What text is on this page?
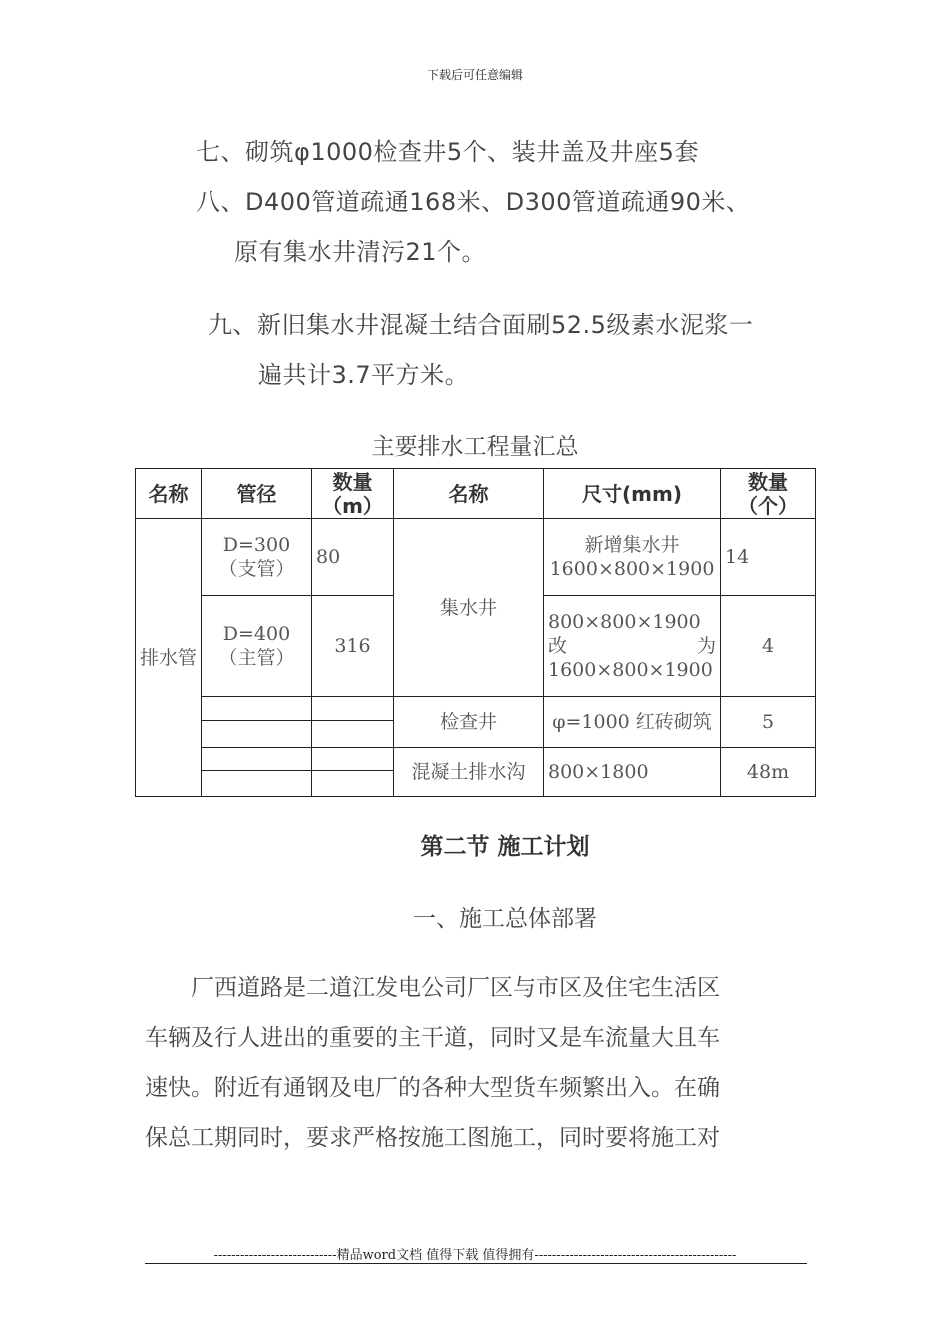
下载后可任意编辑
七、砌筑φ1000检查井5个、装井盖及井座5套
八、D400管道疏通168米、D300管道疏通90米、
原有集水井清污21个。
九、新旧集水井混凝土结合面刷52.5级素水泥浆一
遍共计3.7平方米。
主要排水工程量汇总
名称	管径	数量（m）	名称	尺寸(mm)	数量（个）
排水管	D=300（支管）	80	集水井	新增集水井 1600×800×1900	14
	D=400（主管）	316		800×800×1900改为1600×800×1900	4
			检查井	φ=1000 红砖砌筑	5

			混凝土排水沟	800×1800	48m

第二节 施工计划
一、施工总体部署
　　厂西道路是二道江发电公司厂区与市区及住宅生活区
车辆及行人进出的重要的主干道，同时又是车流量大且车
速快。附近有通钢及电厂的各种大型货车频繁出入。在确
保总工期同时，要求严格按施工图施工，同时要将施工对
----------------------------精品word文档 值得下载 值得拥有----------------------------------------------
